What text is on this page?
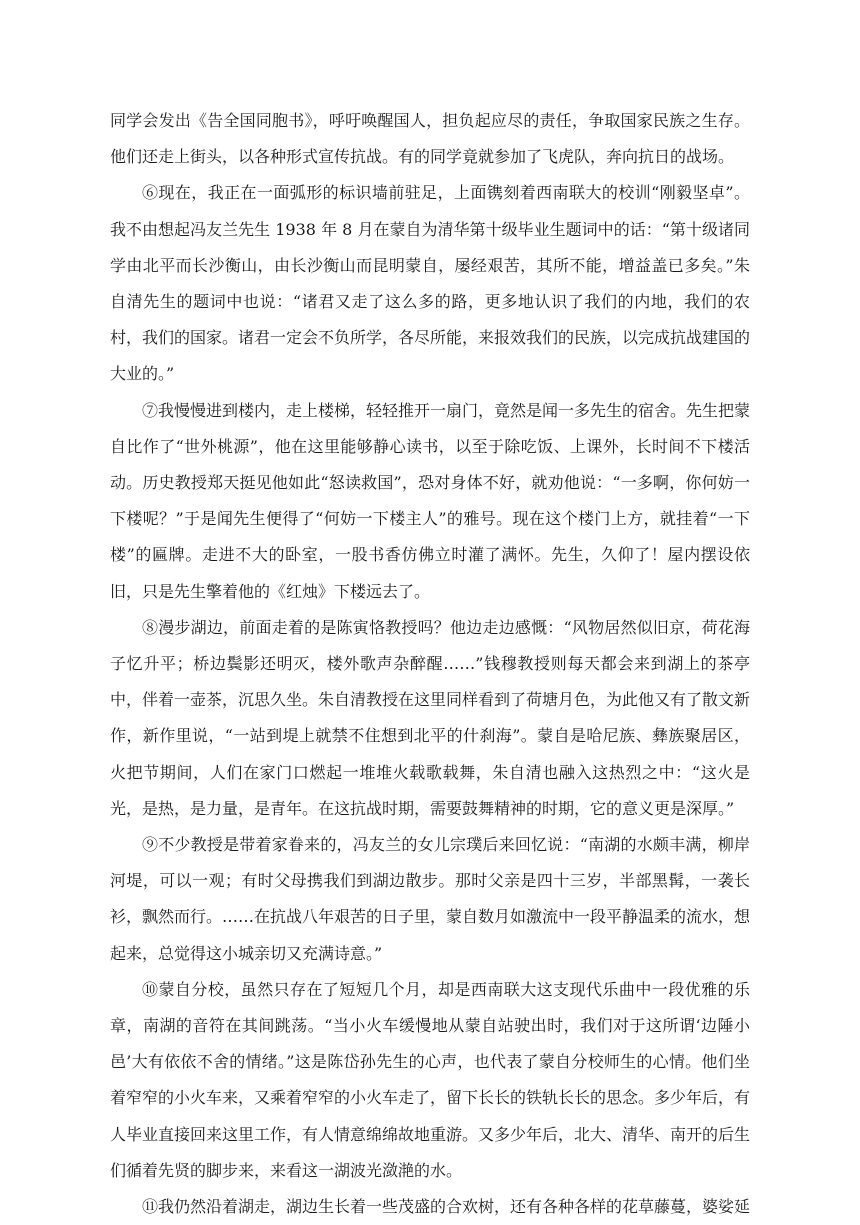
同学会发出《告全国同胞书》，呼吁唤醒国人，担负起应尽的责任，争取国家民族之生存。他们还走上街头，以各种形式宣传抗战。有的同学竟就参加了飞虎队，奔向抗日的战场。

⑥现在，我正在一面弧形的标识墙前驻足，上面镌刻着西南联大的校训“刚毅坚卓”。我不由想起冯友兰先生 1938 年 8 月在蒙自为清华第十级毕业生题词中的话：“第十级诸同学由北平而长沙衡山，由长沙衡山而昆明蒙自，屡经艰苦，其所不能，增益盖已多矣。”朱自清先生的题词中也说：“诸君又走了这么多的路，更多地认识了我们的内地，我们的农村，我们的国家。诸君一定会不负所学，各尽所能，来报效我们的民族，以完成抗战建国的大业的。”

⑦我慢慢进到楼内，走上楼梯，轻轻推开一扇门，竟然是闻一多先生的宿舍。先生把蒙自比作了“世外桃源”，他在这里能够静心读书，以至于除吃饭、上课外，长时间不下楼活动。历史教授郑天挺见他如此“怒读救国”，恐对身体不好，就劝他说：“一多啊，你何妨一下楼呢？”于是闻先生便得了“何妨一下楼主人”的雅号。现在这个楼门上方，就挂着“一下楼”的匾牌。走进不大的卧室，一股书香仿佛立时灌了满怀。先生，久仰了！屋内摆设依旧，只是先生擎着他的《红烛》下楼远去了。

⑧漫步湖边，前面走着的是陈寅恪教授吗？他边走边感慨：“风物居然似旧京，荷花海子忆升平；桥边鬓影还明灭，楼外歌声杂醉醒……”钱穆教授则每天都会来到湖上的茶亭中，伴着一壶茶，沉思久坐。朱自清教授在这里同样看到了荷塘月色，为此他又有了散文新作，新作里说，“一站到堤上就禁不住想到北平的什刹海”。蒙自是哈尼族、彝族聚居区，火把节期间，人们在家门口燃起一堆堆火载歌载舞，朱自清也融入这热烈之中：“这火是光，是热，是力量，是青年。在这抗战时期，需要鼓舞精神的时期，它的意义更是深厚。”

⑨不少教授是带着家眷来的，冯友兰的女儿宗璞后来回忆说：“南湖的水颇丰满，柳岸河堤，可以一观；有时父母携我们到湖边散步。那时父亲是四十三岁，半部黑髯，一袭长衫，飘然而行。……在抗战八年艰苦的日子里，蒙自数月如激流中一段平静温柔的流水，想起来，总觉得这小城亲切又充满诗意。”

⑩蒙自分校，虽然只存在了短短几个月，却是西南联大这支现代乐曲中一段优雅的乐章，南湖的音符在其间跳荡。“当小火车缓慢地从蒙自站驶出时，我们对于这所谓‘边陲小邑’大有依依不舍的情绪。”这是陈岱孙先生的心声，也代表了蒙自分校师生的心情。他们坐着窄窄的小火车来，又乘着窄窄的小火车走了，留下长长的铁轨长长的思念。多少年后，有人毕业直接回来这里工作，有人情意绵绵故地重游。又多少年后，北大、清华、南开的后生们循着先贤的脚步来，来看这一湖波光潋滟的水。

⑪我仍然沿着湖走，湖边生长着一些茂盛的合欢树，还有各种各样的花草藤蔓，婆娑延
